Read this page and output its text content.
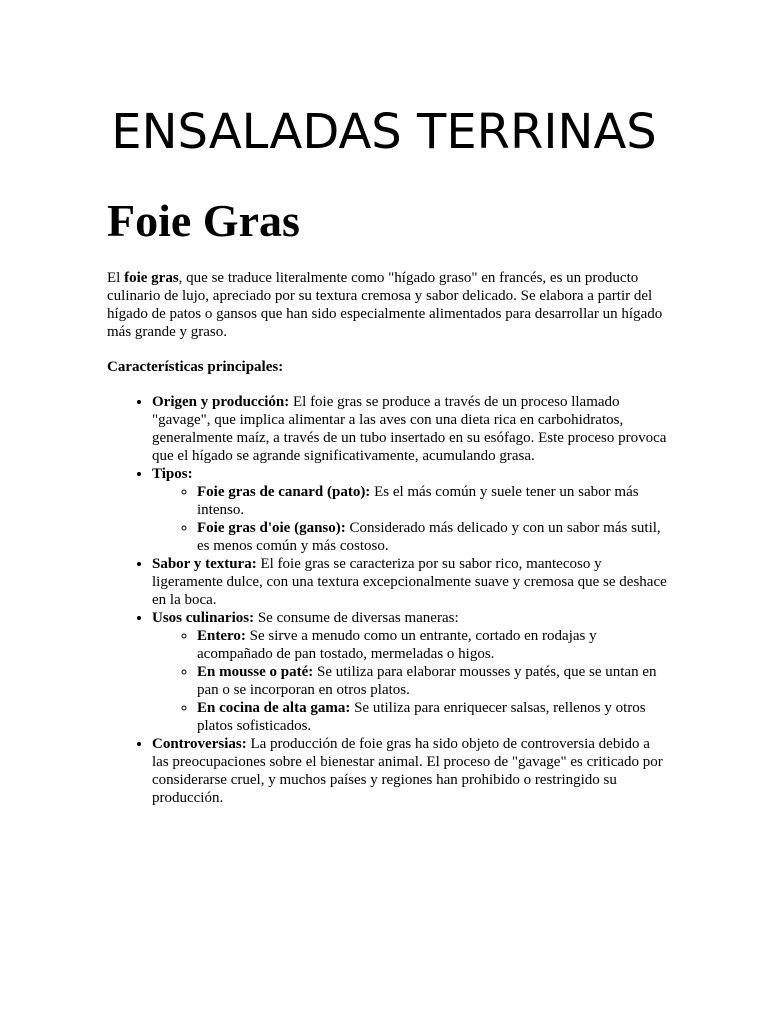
ENSALADAS TERRINAS
Foie Gras

El foie gras, que se traduce literalmente como "hígado graso" en francés, es un producto culinario de lujo, apreciado por su textura cremosa y sabor delicado. Se elabora a partir del hígado de patos o gansos que han sido especialmente alimentados para desarrollar un hígado más grande y graso.

Características principales:

• Origen y producción: El foie gras se produce a través de un proceso llamado "gavage", que implica alimentar a las aves con una dieta rica en carbohidratos, generalmente maíz, a través de un tubo insertado en su esófago. Este proceso provoca que el hígado se agrande significativamente, acumulando grasa.
• Tipos:
◦ Foie gras de canard (pato): Es el más común y suele tener un sabor más intenso.
◦ Foie gras d'oie (ganso): Considerado más delicado y con un sabor más sutil, es menos común y más costoso.
• Sabor y textura: El foie gras se caracteriza por su sabor rico, mantecoso y ligeramente dulce, con una textura excepcionalmente suave y cremosa que se deshace en la boca.
• Usos culinarios: Se consume de diversas maneras:
◦ Entero: Se sirve a menudo como un entrante, cortado en rodajas y acompañado de pan tostado, mermeladas o higos.
◦ En mousse o paté: Se utiliza para elaborar mousses y patés, que se untan en pan o se incorporan en otros platos.
◦ En cocina de alta gama: Se utiliza para enriquecer salsas, rellenos y otros platos sofisticados.
• Controversias: La producción de foie gras ha sido objeto de controversia debido a las preocupaciones sobre el bienestar animal. El proceso de "gavage" es criticado por considerarse cruel, y muchos países y regiones han prohibido o restringido su producción.
